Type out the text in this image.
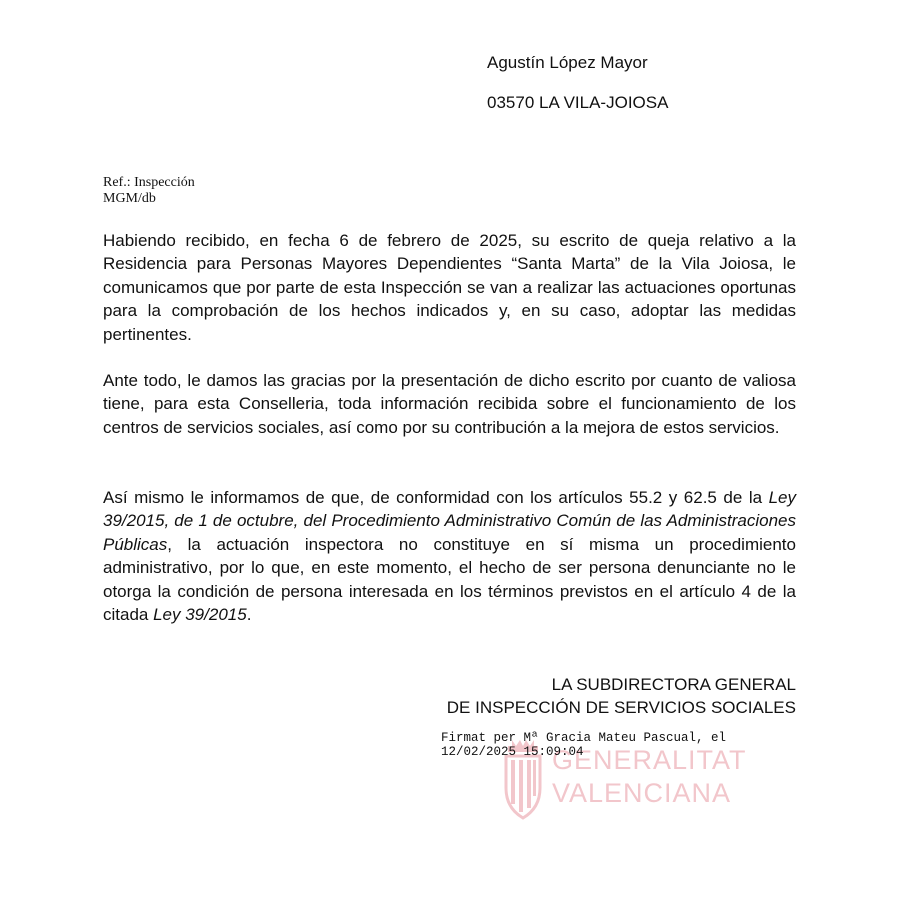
Agustín López Mayor
03570 LA VILA-JOIOSA
Ref.: Inspección
MGM/db
Habiendo recibido, en fecha 6 de febrero de 2025, su escrito de queja relativo a la Residencia para Personas Mayores Dependientes “Santa Marta” de la Vila Joiosa, le comunicamos que por parte de esta Inspección se van a realizar las actuaciones oportunas para la comprobación de los hechos indicados y, en su caso, adoptar las medidas pertinentes.
Ante todo, le damos las gracias por la presentación de dicho escrito por cuanto de valiosa tiene, para esta Conselleria, toda información recibida sobre el funcionamiento de los centros de servicios sociales, así como por su contribución a la mejora de estos servicios.
Así mismo le informamos de que, de conformidad con los artículos 55.2 y 62.5 de la Ley 39/2015, de 1 de octubre, del Procedimiento Administrativo Común de las Administraciones Públicas, la actuación inspectora no constituye en sí misma un procedimiento administrativo, por lo que, en este momento, el hecho de ser persona denunciante no le otorga la condición de persona interesada en los términos previstos en el artículo 4 de la citada Ley 39/2015.
LA SUBDIRECTORA GENERAL
DE INSPECCIÓN DE SERVICIOS SOCIALES
GENERALITAT
VALENCIANA
Firmat per Mª Gracia Mateu Pascual, el
12/02/2025 15:09:04
